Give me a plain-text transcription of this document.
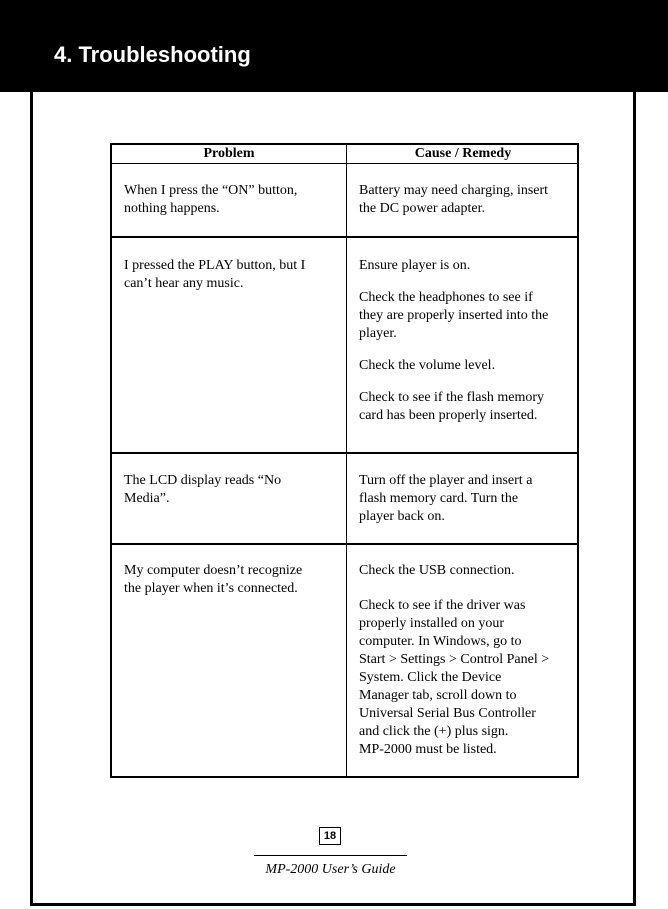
4. Troubleshooting
Problem	Cause / Remedy
When I press the “ON” button,
nothing happens.
Battery may need charging, insert
the DC power adapter.
I pressed the PLAY button, but I
can’t hear any music.
Ensure player is on.
Check the headphones to see if
they are properly inserted into the
player.
Check the volume level.
Check to see if the flash memory
card has been properly inserted.
The LCD display reads “No
Media”.
Turn off the player and insert a
flash memory card. Turn the
player back on.
My computer doesn’t recognize
the player when it’s connected.
Check the USB connection.
Check to see if the driver was
properly installed on your
computer. In Windows, go to
Start > Settings > Control Panel >
System. Click the Device
Manager tab, scroll down to
Universal Serial Bus Controller
and click the (+) plus sign.
MP-2000 must be listed.
18
MP-2000 User’s Guide
